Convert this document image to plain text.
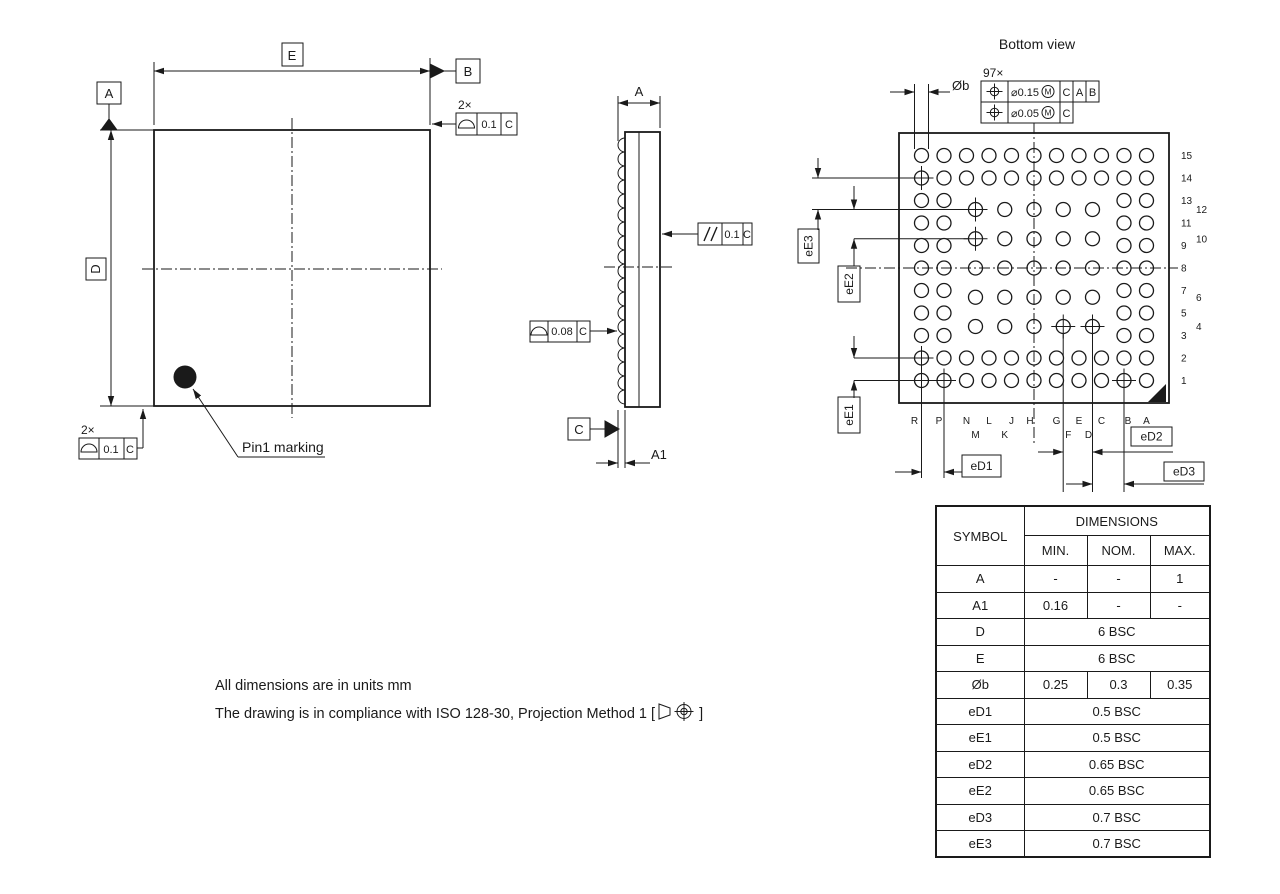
E
B
A
D
2×
0.1 C
2×
0.1 C	Pin1 marking
A
0.1 C
0.08 C
C
A1
Bottom view
Øb
97×
⌀0.15 M C A B
⌀0.05 M C
eE3
eE2
eE1
eD1
eD2
eD3
1
2
3
4
5
6
7
8
9
10
11
12
13
14
15
R P N
M
L
K
J H G
F
E
D
C B A
SYMBOL	DIMENSIONS		
	MIN.	NOM.	MAX.
A	-	-	1
A1	0.16	-	-
D	6 BSC		
E	6 BSC		
Øb	0.25	0.3	0.35
eD1	0.5 BSC		
eE1	0.5 BSC		
eD2	0.65 BSC		
eE2	0.65 BSC		
eD3	0.7 BSC		
eE3	0.7 BSC		
All dimensions are in units mm
The drawing is in compliance with ISO 128-30, Projection Method 1 [	]
